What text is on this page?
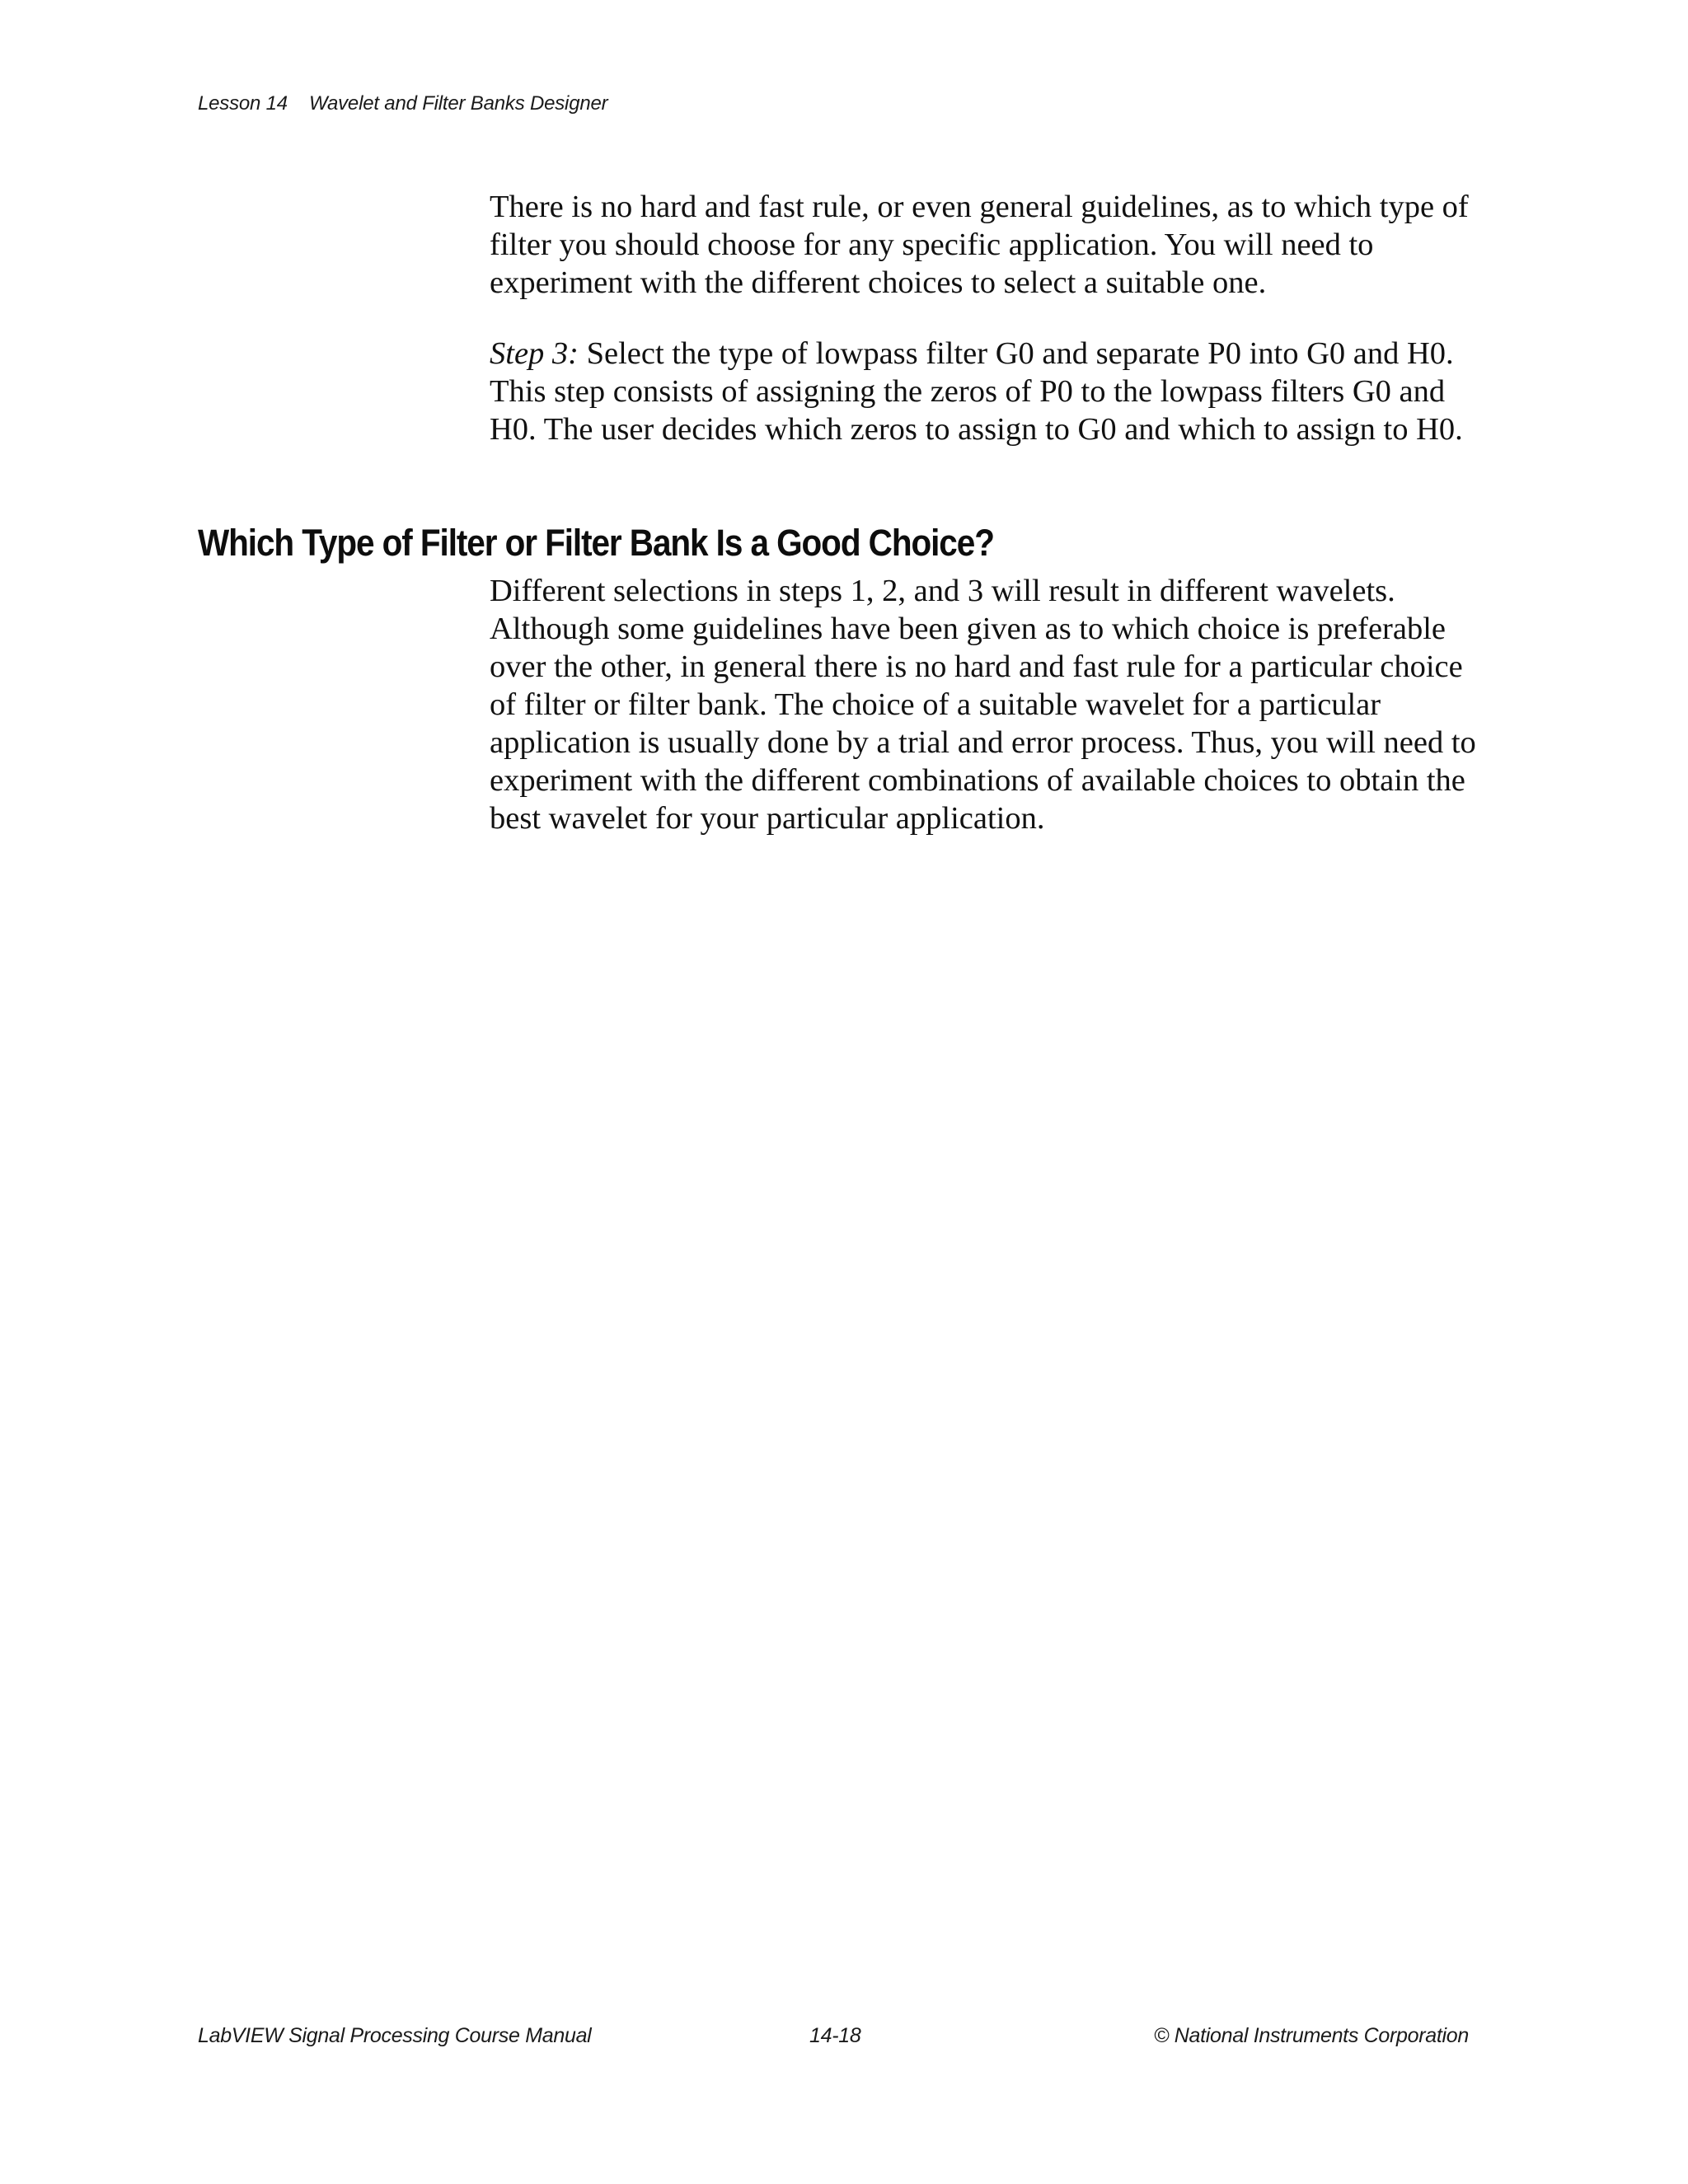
Lesson 14 Wavelet and Filter Banks Designer

There is no hard and fast rule, or even general guidelines, as to which type of filter you should choose for any specific application. You will need to experiment with the different choices to select a suitable one.

Step 3: Select the type of lowpass filter G0 and separate P0 into G0 and H0. This step consists of assigning the zeros of P0 to the lowpass filters G0 and H0. The user decides which zeros to assign to G0 and which to assign to H0.

Which Type of Filter or Filter Bank Is a Good Choice?

Different selections in steps 1, 2, and 3 will result in different wavelets. Although some guidelines have been given as to which choice is preferable over the other, in general there is no hard and fast rule for a particular choice of filter or filter bank. The choice of a suitable wavelet for a particular application is usually done by a trial and error process. Thus, you will need to experiment with the different combinations of available choices to obtain the best wavelet for your particular application.

LabVIEW Signal Processing Course Manual	14-18	© National Instruments Corporation
